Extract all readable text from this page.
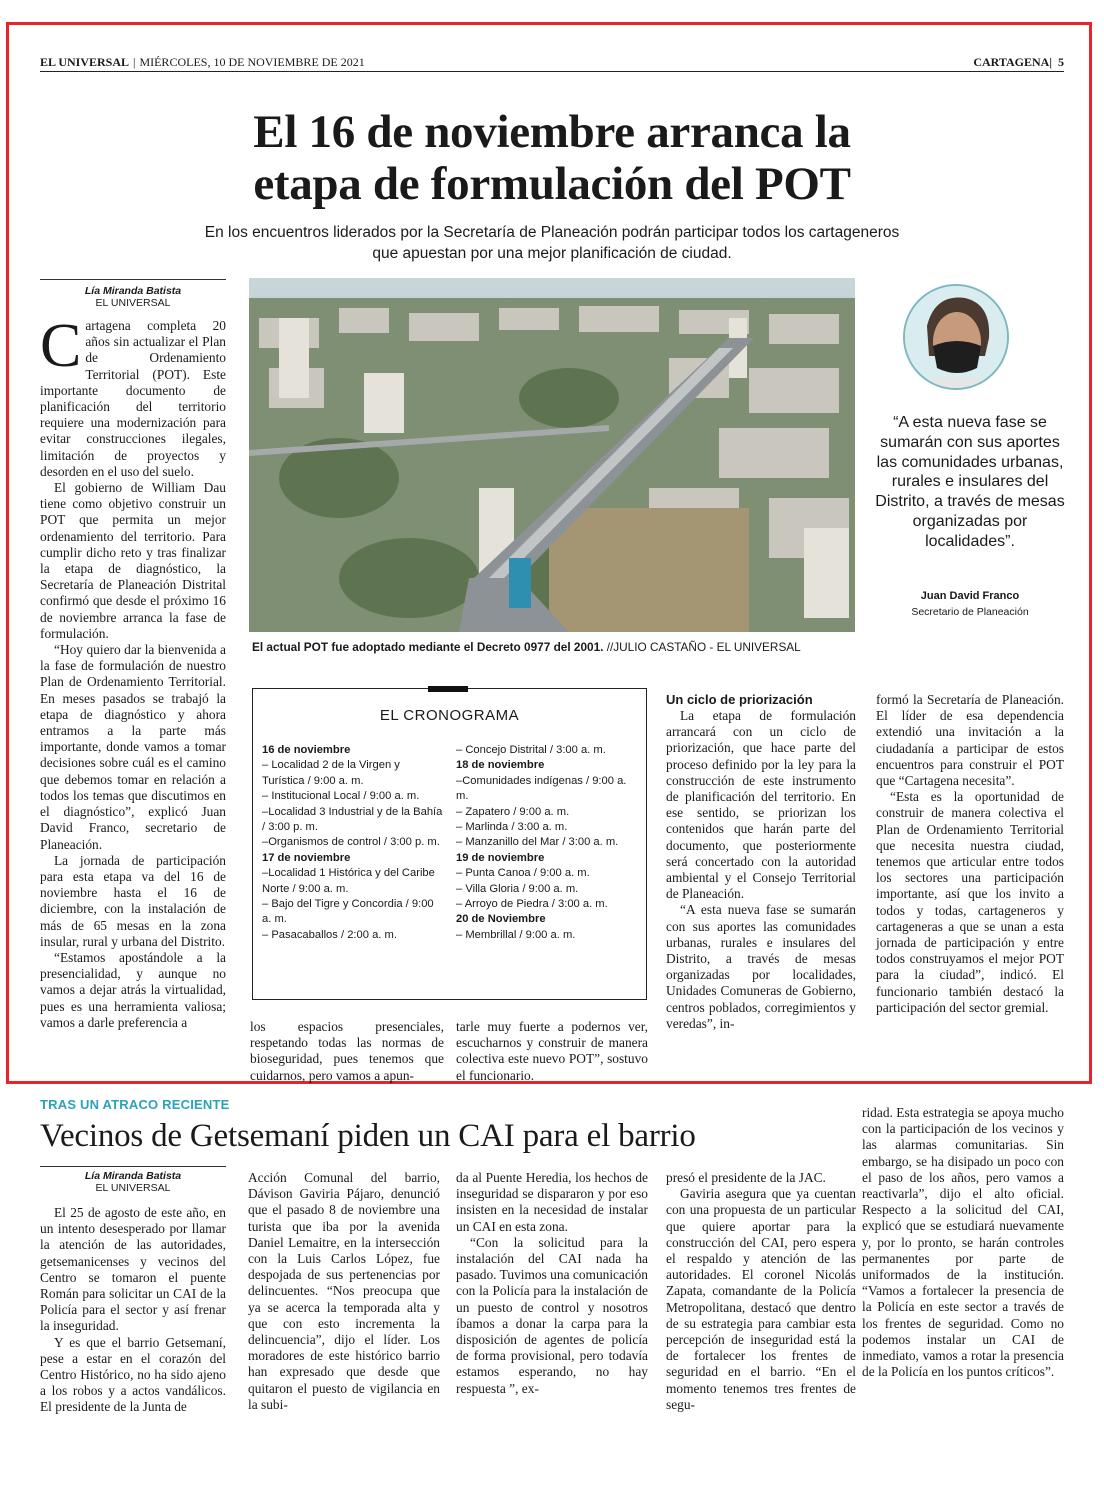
EL UNIVERSAL | MIÉRCOLES, 10 DE NOVIEMBRE DE 2021	CARTAGENA| 5
El 16 de noviembre arranca la
etapa de formulación del POT
En los encuentros liderados por la Secretaría de Planeación podrán participar todos los cartageneros
que apuestan por una mejor planificación de ciudad.
Lía Miranda Batista
EL UNIVERSAL

Cartagena completa 20 años sin actualizar el Plan de Ordenamiento Territorial (POT). Este importante documento de planificación del territorio requiere una modernización para evitar construcciones ilegales, limitación de proyectos y desorden en el uso del suelo.

El gobierno de William Dau tiene como objetivo construir un POT que permita un mejor ordenamiento del territorio. Para cumplir dicho reto y tras finalizar la etapa de diagnóstico, la Secretaría de Planeación Distrital confirmó que desde el próximo 16 de noviembre arranca la fase de formulación.

“Hoy quiero dar la bienvenida a la fase de formulación de nuestro Plan de Ordenamiento Territorial. En meses pasados se trabajó la etapa de diagnóstico y ahora entramos a la parte más importante, donde vamos a tomar decisiones sobre cuál es el camino que debemos tomar en relación a todos los temas que discutimos en el diagnóstico”, explicó Juan David Franco, secretario de Planeación.

La jornada de participación para esta etapa va del 16 de noviembre hasta el 16 de diciembre, con la instalación de más de 65 mesas en la zona insular, rural y urbana del Distrito.

“Estamos apostándole a la presencialidad, y aunque no vamos a dejar atrás la virtualidad, pues es una herramienta valiosa; vamos a darle preferencia a

El actual POT fue adoptado mediante el Decreto 0977 del 2001. //JULIO CASTAÑO - EL UNIVERSAL
“A esta nueva fase se sumarán con sus aportes las comunidades urbanas, rurales e insulares del Distrito, a través de mesas organizadas por localidades”.
Juan David Franco
Secretario de Planeación
EL CRONOGRAMA
16 de noviembre
– Localidad 2 de la Virgen y Turística / 9:00 a. m.
– Institucional Local / 9:00 a. m.
–Localidad 3 Industrial y de la Bahía / 3:00 p. m.
–Organismos de control / 3:00 p. m.
17 de noviembre
–Localidad 1 Histórica y del Caribe Norte / 9:00 a. m.
– Bajo del Tigre y Concordia / 9:00 a. m.
– Pasacaballos / 2:00 a. m.
– Concejo Distrital / 3:00 a. m.
18 de noviembre
–Comunidades indígenas / 9:00 a. m.
– Zapatero / 9:00 a. m.
– Marlinda / 3:00 a. m.
– Manzanillo del Mar / 3:00 a. m.
19 de noviembre
– Punta Canoa / 9:00 a. m.
– Villa Gloria / 9:00 a. m.
– Arroyo de Piedra / 3:00 a. m.
20 de Noviembre
– Membrillal / 9:00 a. m.

los espacios presenciales, respetando todas las normas de bioseguridad, pues tenemos que cuidarnos, pero vamos a apun-

tarle muy fuerte a podernos ver, escucharnos y construir de manera colectiva este nuevo POT”, sostuvo el funcionario.

Un ciclo de priorización

La etapa de formulación arrancará con un ciclo de priorización, que hace parte del proceso definido por la ley para la construcción de este instrumento de planificación del territorio. En ese sentido, se priorizan los contenidos que harán parte del documento, que posteriormente será concertado con la autoridad ambiental y el Consejo Territorial de Planeación.

“A esta nueva fase se sumarán con sus aportes las comunidades urbanas, rurales e insulares del Distrito, a través de mesas organizadas por localidades, Unidades Comuneras de Gobierno, centros poblados, corregimientos y veredas”, in-

formó la Secretaría de Planeación. El líder de esa dependencia extendió una invitación a la ciudadanía a participar de estos encuentros para construir el POT que “Cartagena necesita”.

“Esta es la oportunidad de construir de manera colectiva el Plan de Ordenamiento Territorial que necesita nuestra ciudad, tenemos que articular entre todos los sectores una participación importante, así que los invito a todos y todas, cartageneros y cartageneras a que se unan a esta jornada de participación y entre todos construyamos el mejor POT para la ciudad”, indicó. El funcionario también destacó la participación del sector gremial.

TRAS UN ATRACO RECIENTE
Vecinos de Getsemaní piden un CAI para el barrio
Lía Miranda Batista
EL UNIVERSAL

El 25 de agosto de este año, en un intento desesperado por llamar la atención de las autoridades, getsemanicenses y vecinos del Centro se tomaron el puente Román para solicitar un CAI de la Policía para el sector y así frenar la inseguridad.

Y es que el barrio Getsemaní, pese a estar en el corazón del Centro Histórico, no ha sido ajeno a los robos y a actos vandálicos. El presidente de la Junta de

Acción Comunal del barrio, Dávison Gaviria Pájaro, denunció que el pasado 8 de noviembre una turista que iba por la avenida Daniel Lemaitre, en la intersección con la Luis Carlos López, fue despojada de sus pertenencias por delincuentes. “Nos preocupa que ya se acerca la temporada alta y que con esto incrementa la delincuencia”, dijo el líder. Los moradores de este histórico barrio han expresado que desde que quitaron el puesto de vigilancia en la subi-

da al Puente Heredia, los hechos de inseguridad se dispararon y por eso insisten en la necesidad de instalar un CAI en esta zona.

“Con la solicitud para la instalación del CAI nada ha pasado. Tuvimos una comunicación con la Policía para la instalación de un puesto de control y nosotros íbamos a donar la carpa para la disposición de agentes de policía de forma provisional, pero todavía estamos esperando, no hay respuesta ”, ex-

presó el presidente de la JAC.

Gaviria asegura que ya cuentan con una propuesta de un particular que quiere aportar para la construcción del CAI, pero espera el respaldo y atención de las autoridades. El coronel Nicolás Zapata, comandante de la Policía Metropolitana, destacó que dentro de su estrategia para cambiar esta percepción de inseguridad está la de fortalecer los frentes de seguridad en el barrio. “En el momento tenemos tres frentes de segu-

ridad. Esta estrategia se apoya mucho con la participación de los vecinos y las alarmas comunitarias. Sin embargo, se ha disipado un poco con el paso de los años, pero vamos a reactivarla”, dijo el alto oficial. Respecto a la solicitud del CAI, explicó que se estudiará nuevamente y, por lo pronto, se harán controles permanentes por parte de uniformados de la institución. “Vamos a fortalecer la presencia de la Policía en este sector a través de los frentes de seguridad. Como no podemos instalar un CAI de inmediato, vamos a rotar la presencia de la Policía en los puntos críticos”.
